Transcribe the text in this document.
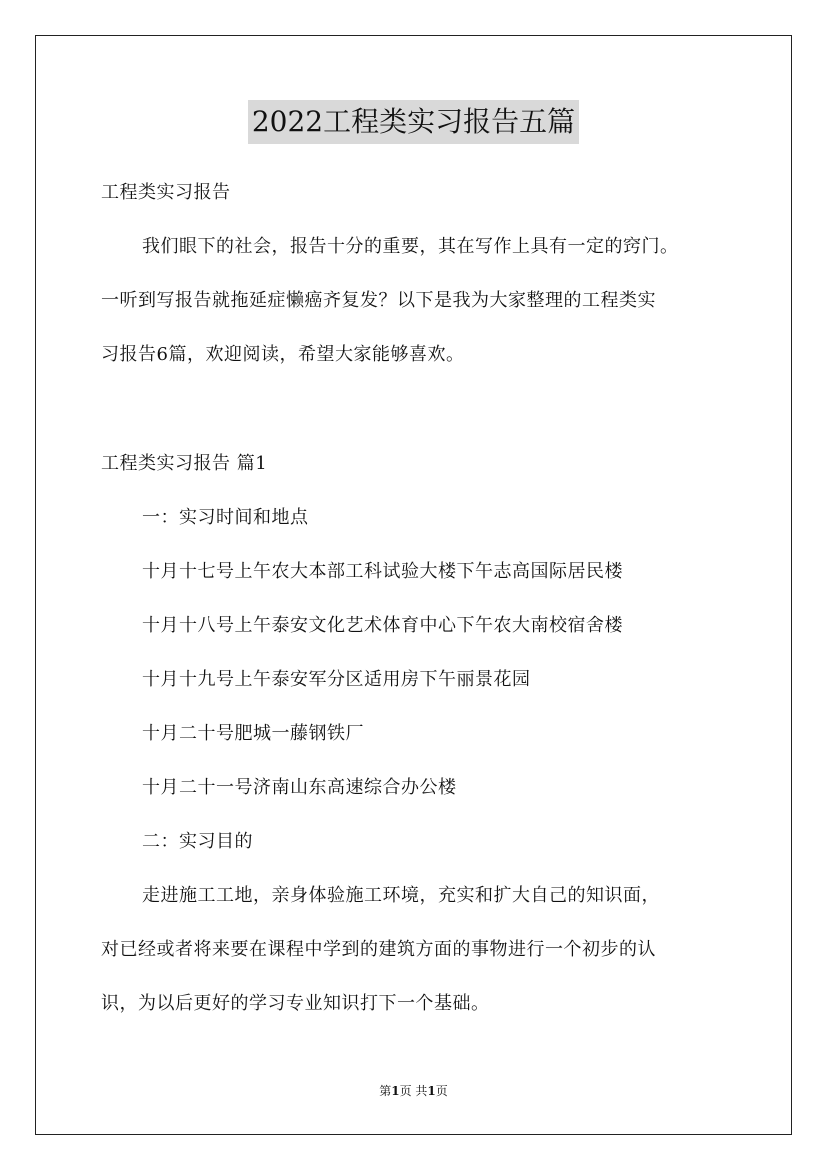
2022工程类实习报告五篇

工程类实习报告

我们眼下的社会，报告十分的重要，其在写作上具有一定的窍门。

一听到写报告就拖延症懒癌齐复发？以下是我为大家整理的工程类实

习报告6篇，欢迎阅读，希望大家能够喜欢。

工程类实习报告 篇1

一：实习时间和地点

十月十七号上午农大本部工科试验大楼下午志高国际居民楼

十月十八号上午泰安文化艺术体育中心下午农大南校宿舍楼

十月十九号上午泰安军分区适用房下午丽景花园

十月二十号肥城一藤钢铁厂

十月二十一号济南山东高速综合办公楼

二：实习目的

走进施工工地，亲身体验施工环境，充实和扩大自己的知识面，

对已经或者将来要在课程中学到的建筑方面的事物进行一个初步的认

识，为以后更好的学习专业知识打下一个基础。

第1页 共1页
